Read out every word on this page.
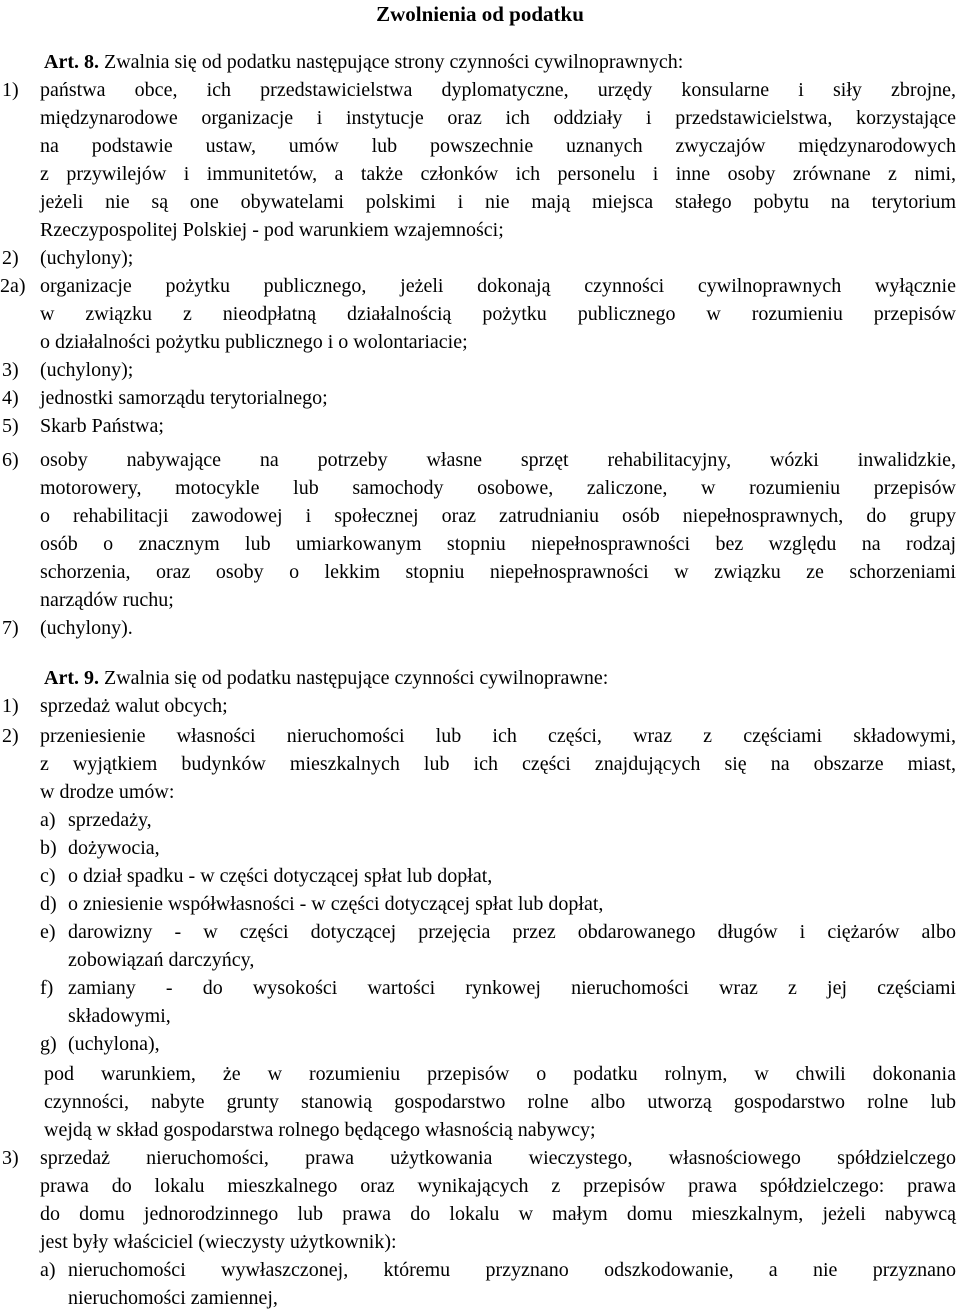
Zwolnienia od podatku
Art. 8. Zwalnia się od podatku następujące strony czynności cywilnoprawnych:
1) państwa obce, ich przedstawicielstwa dyplomatyczne, urzędy konsularne i siły zbrojne,
międzynarodowe organizacje i instytucje oraz ich oddziały i przedstawicielstwa, korzystające
na podstawie ustaw, umów lub powszechnie uznanych zwyczajów międzynarodowych
z przywilejów i immunitetów, a także członków ich personelu i inne osoby zrównane z nimi,
jeżeli nie są one obywatelami polskimi i nie mają miejsca stałego pobytu na terytorium
Rzeczypospolitej Polskiej - pod warunkiem wzajemności;
2) (uchylony);
2a) organizacje pożytku publicznego, jeżeli dokonają czynności cywilnoprawnych wyłącznie
w związku z nieodpłatną działalnością pożytku publicznego w rozumieniu przepisów
o działalności pożytku publicznego i o wolontariacie;
3) (uchylony);
4) jednostki samorządu terytorialnego;
5) Skarb Państwa;
6) osoby nabywające na potrzeby własne sprzęt rehabilitacyjny, wózki inwalidzkie,
motorowery, motocykle lub samochody osobowe, zaliczone, w rozumieniu przepisów
o rehabilitacji zawodowej i społecznej oraz zatrudnianiu osób niepełnosprawnych, do grupy
osób o znacznym lub umiarkowanym stopniu niepełnosprawności bez względu na rodzaj
schorzenia, oraz osoby o lekkim stopniu niepełnosprawności w związku ze schorzeniami
narządów ruchu;
7) (uchylony).
Art. 9. Zwalnia się od podatku następujące czynności cywilnoprawne:
1) sprzedaż walut obcych;
2) przeniesienie własności nieruchomości lub ich części, wraz z częściami składowymi,
z wyjątkiem budynków mieszkalnych lub ich części znajdujących się na obszarze miast,
w drodze umów:
a) sprzedaży,
b) dożywocia,
c) o dział spadku - w części dotyczącej spłat lub dopłat,
d) o zniesienie współwłasności - w części dotyczącej spłat lub dopłat,
e) darowizny - w części dotyczącej przejęcia przez obdarowanego długów i ciężarów albo
zobowiązań darczyńcy,
f) zamiany - do wysokości wartości rynkowej nieruchomości wraz z jej częściami
składowymi,
g) (uchylona),
pod warunkiem, że w rozumieniu przepisów o podatku rolnym, w chwili dokonania
czynności, nabyte grunty stanowią gospodarstwo rolne albo utworzą gospodarstwo rolne lub
wejdą w skład gospodarstwa rolnego będącego własnością nabywcy;
3) sprzedaż nieruchomości, prawa użytkowania wieczystego, własnościowego spółdzielczego
prawa do lokalu mieszkalnego oraz wynikających z przepisów prawa spółdzielczego: prawa
do domu jednorodzinnego lub prawa do lokalu w małym domu mieszkalnym, jeżeli nabywcą
jest były właściciel (wieczysty użytkownik):
a) nieruchomości wywłaszczonej, któremu przyznano odszkodowanie, a nie przyznano
nieruchomości zamiennej,
